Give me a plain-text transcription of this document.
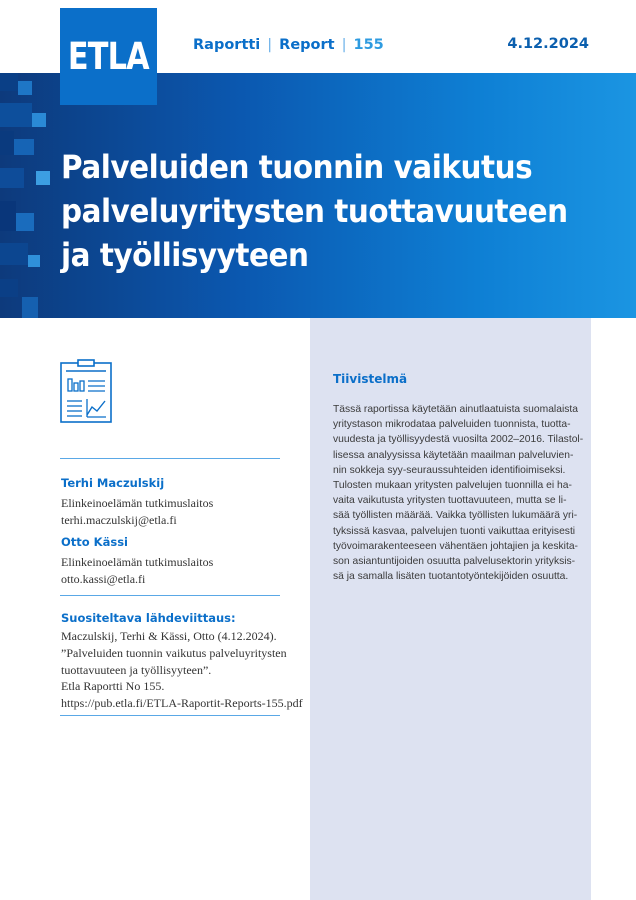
ETLA	Raportti | Report | 155	4.12.2024
Palveluiden tuonnin vaikutus
palveluyritysten tuottavuuteen
ja työllisyyteen
Terhi Maczulskij
Elinkeinoelämän tutkimuslaitos
terhi.maczulskij@etla.fi
Otto Kässi
Elinkeinoelämän tutkimuslaitos
otto.kassi@etla.fi
Suositeltava lähdeviittaus:
Maczulskij, Terhi & Kässi, Otto (4.12.2024).
”Palveluiden tuonnin vaikutus palveluyritysten
tuottavuuteen ja työllisyyteen”.
Etla Raportti No 155.
https://pub.etla.fi/ETLA-Raportit-Reports-155.pdf
Tiivistelmä
Tässä raportissa käytetään ainutlaatuista suomalaista
yritystason mikrodataa palveluiden tuonnista, tuotta-
vuudesta ja työllisyydestä vuosilta 2002–2016. Tilastol-
lisessa analyysissa käytetään maailman palveluvien-
nin sokkeja syy-seuraussuhteiden identifioimiseksi.
Tulosten mukaan yritysten palvelujen tuonnilla ei ha-
vaita vaikutusta yritysten tuottavuuteen, mutta se li-
sää työllisten määrää. Vaikka työllisten lukumäärä yri-
tyksissä kasvaa, palvelujen tuonti vaikuttaa erityisesti
työvoimarakenteeseen vähentäen johtajien ja keskita-
son asiantuntijoiden osuutta palvelusektorin yrityksis-
sä ja samalla lisäten tuotantotyöntekijöiden osuutta.
